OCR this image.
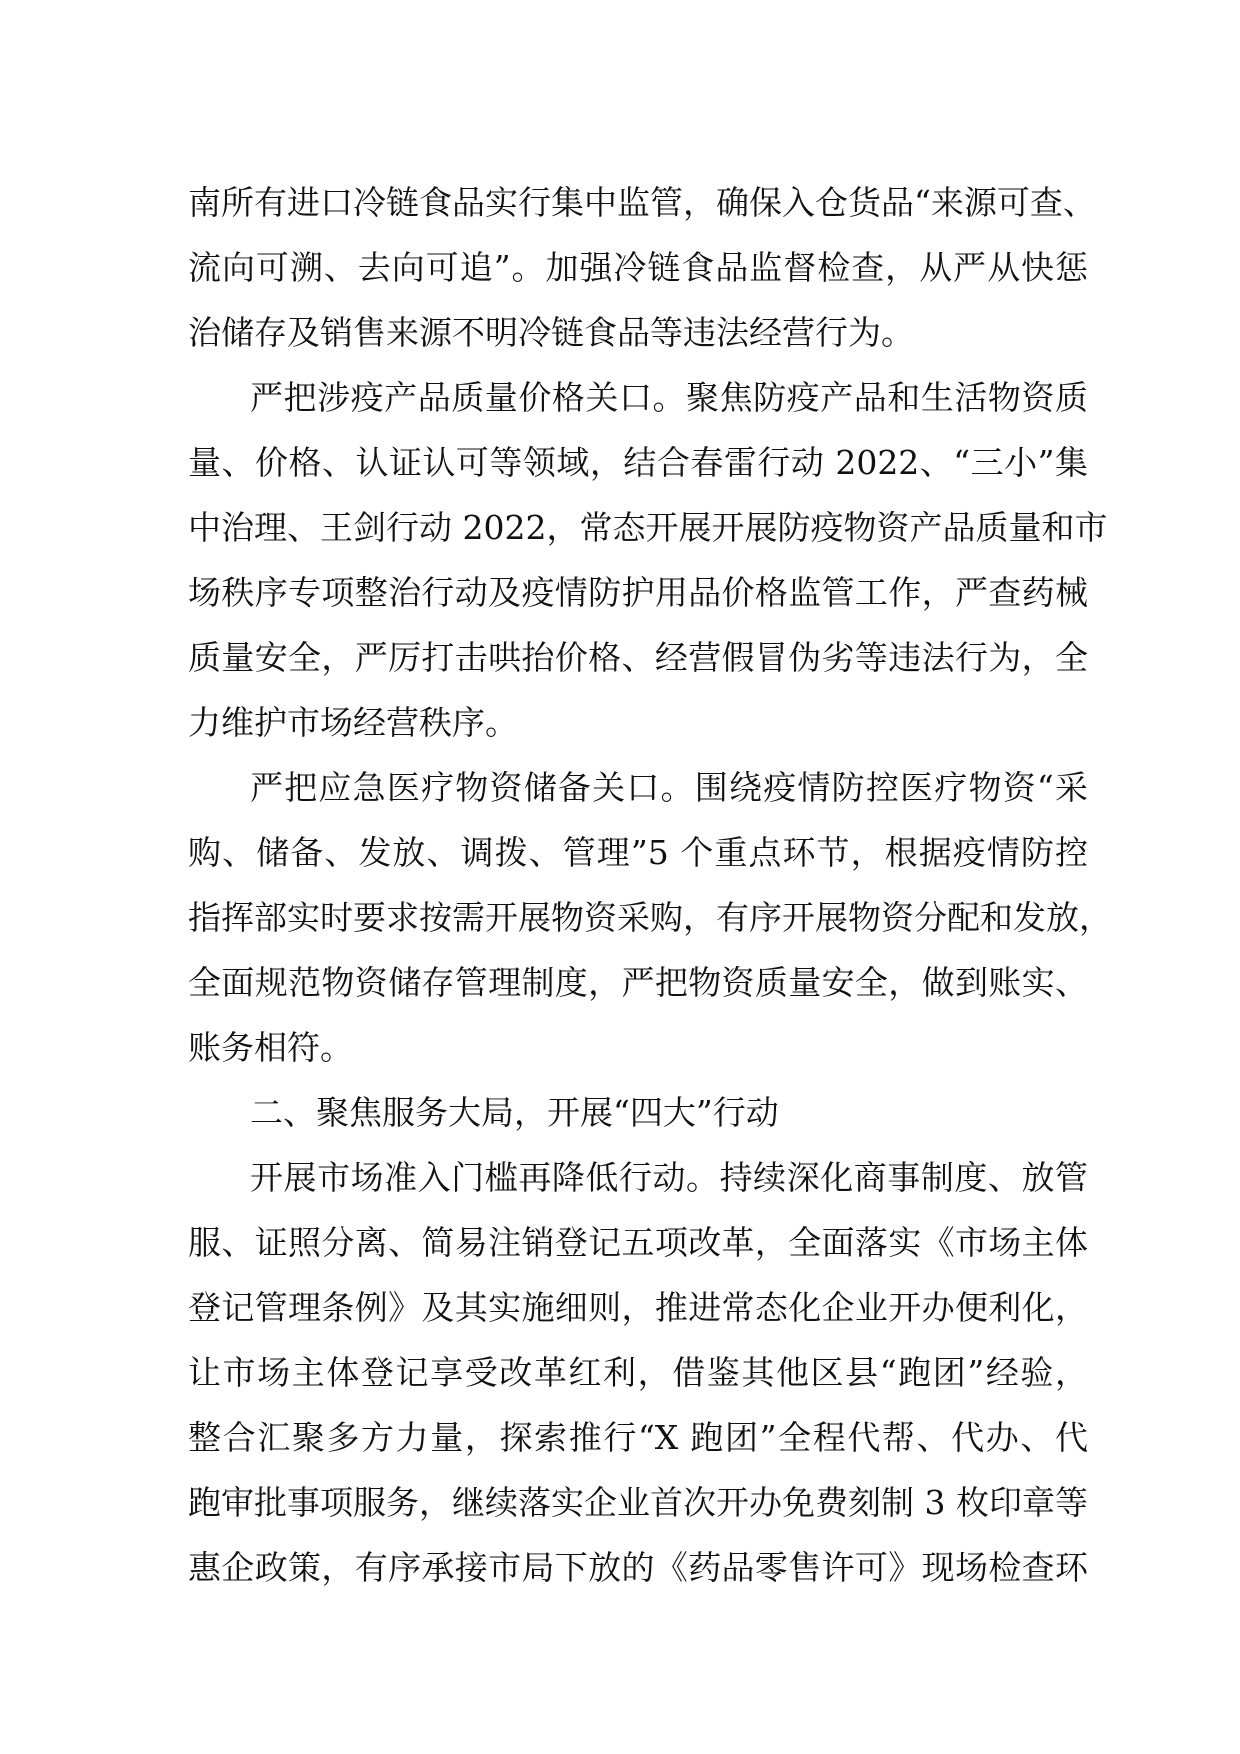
南所有进口冷链食品实行集中监管，确保入仓货品“来源可查、
流向可溯、去向可追”。加强冷链食品监督检查，从严从快惩
治储存及销售来源不明冷链食品等违法经营行为。
严把涉疫产品质量价格关口。聚焦防疫产品和生活物资质
量、价格、认证认可等领域，结合春雷行动 2022、“三小”集
中治理、王剑行动 2022，常态开展开展防疫物资产品质量和市
场秩序专项整治行动及疫情防护用品价格监管工作，严查药械
质量安全，严厉打击哄抬价格、经营假冒伪劣等违法行为，全
力维护市场经营秩序。
严把应急医疗物资储备关口。围绕疫情防控医疗物资“采
购、储备、发放、调拨、管理”5 个重点环节，根据疫情防控
指挥部实时要求按需开展物资采购，有序开展物资分配和发放，
全面规范物资储存管理制度，严把物资质量安全，做到账实、
账务相符。
二、聚焦服务大局，开展“四大”行动
开展市场准入门槛再降低行动。持续深化商事制度、放管
服、证照分离、简易注销登记五项改革，全面落实《市场主体
登记管理条例》及其实施细则，推进常态化企业开办便利化，
让市场主体登记享受改革红利，借鉴其他区县“跑团”经验，
整合汇聚多方力量，探索推行“X 跑团”全程代帮、代办、代
跑审批事项服务，继续落实企业首次开办免费刻制 3 枚印章等
惠企政策，有序承接市局下放的《药品零售许可》现场检查环
